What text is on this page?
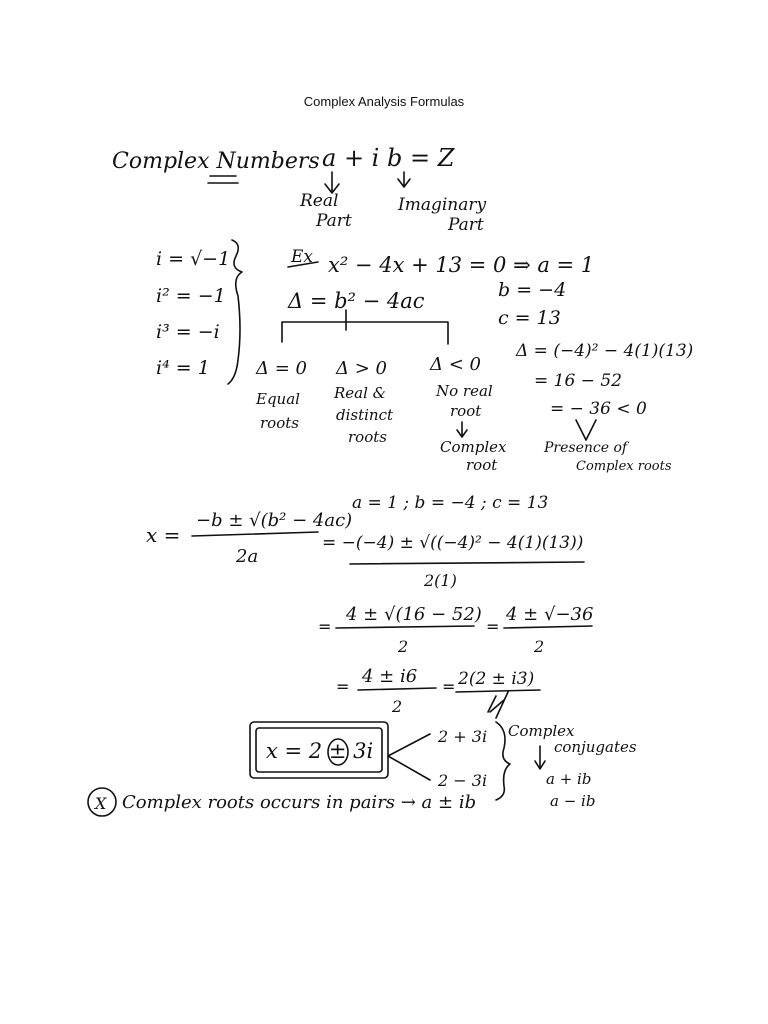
Complex Analysis Formulas
Complex Numbers a + i b = Z
Real
Part
Imaginary
Part
i = √−1
i² = −1
i³ = −i
i⁴ = 1
Ex x² − 4x + 13 = 0 ⇒ a = 1
b = −4
c = 13
Δ = b² − 4ac
Δ = 0
Equal
roots
Δ > 0
Real &
distinct
roots
Δ < 0
No real
root
Complex
root
Δ = (−4)² − 4(1)(13)
= 16 − 52
= − 36 < 0
Presence of
Complex roots
x =
−b ± √(b² − 4ac)
2a
a = 1 ; b = −4 ; c = 13
= −(−4) ± √((−4)² − 4(1)(13))
2(1)
=
4 ± √(16 − 52)
2
=
4 ± √−36
2
= 4 ± i6
2
= 2(2 ± i3)
x = 2 ± 3i
2 + 3i
2 − 3i
Complex
conjugates
a + ib
a − ib
X Complex roots occurs in pairs → a ± ib
